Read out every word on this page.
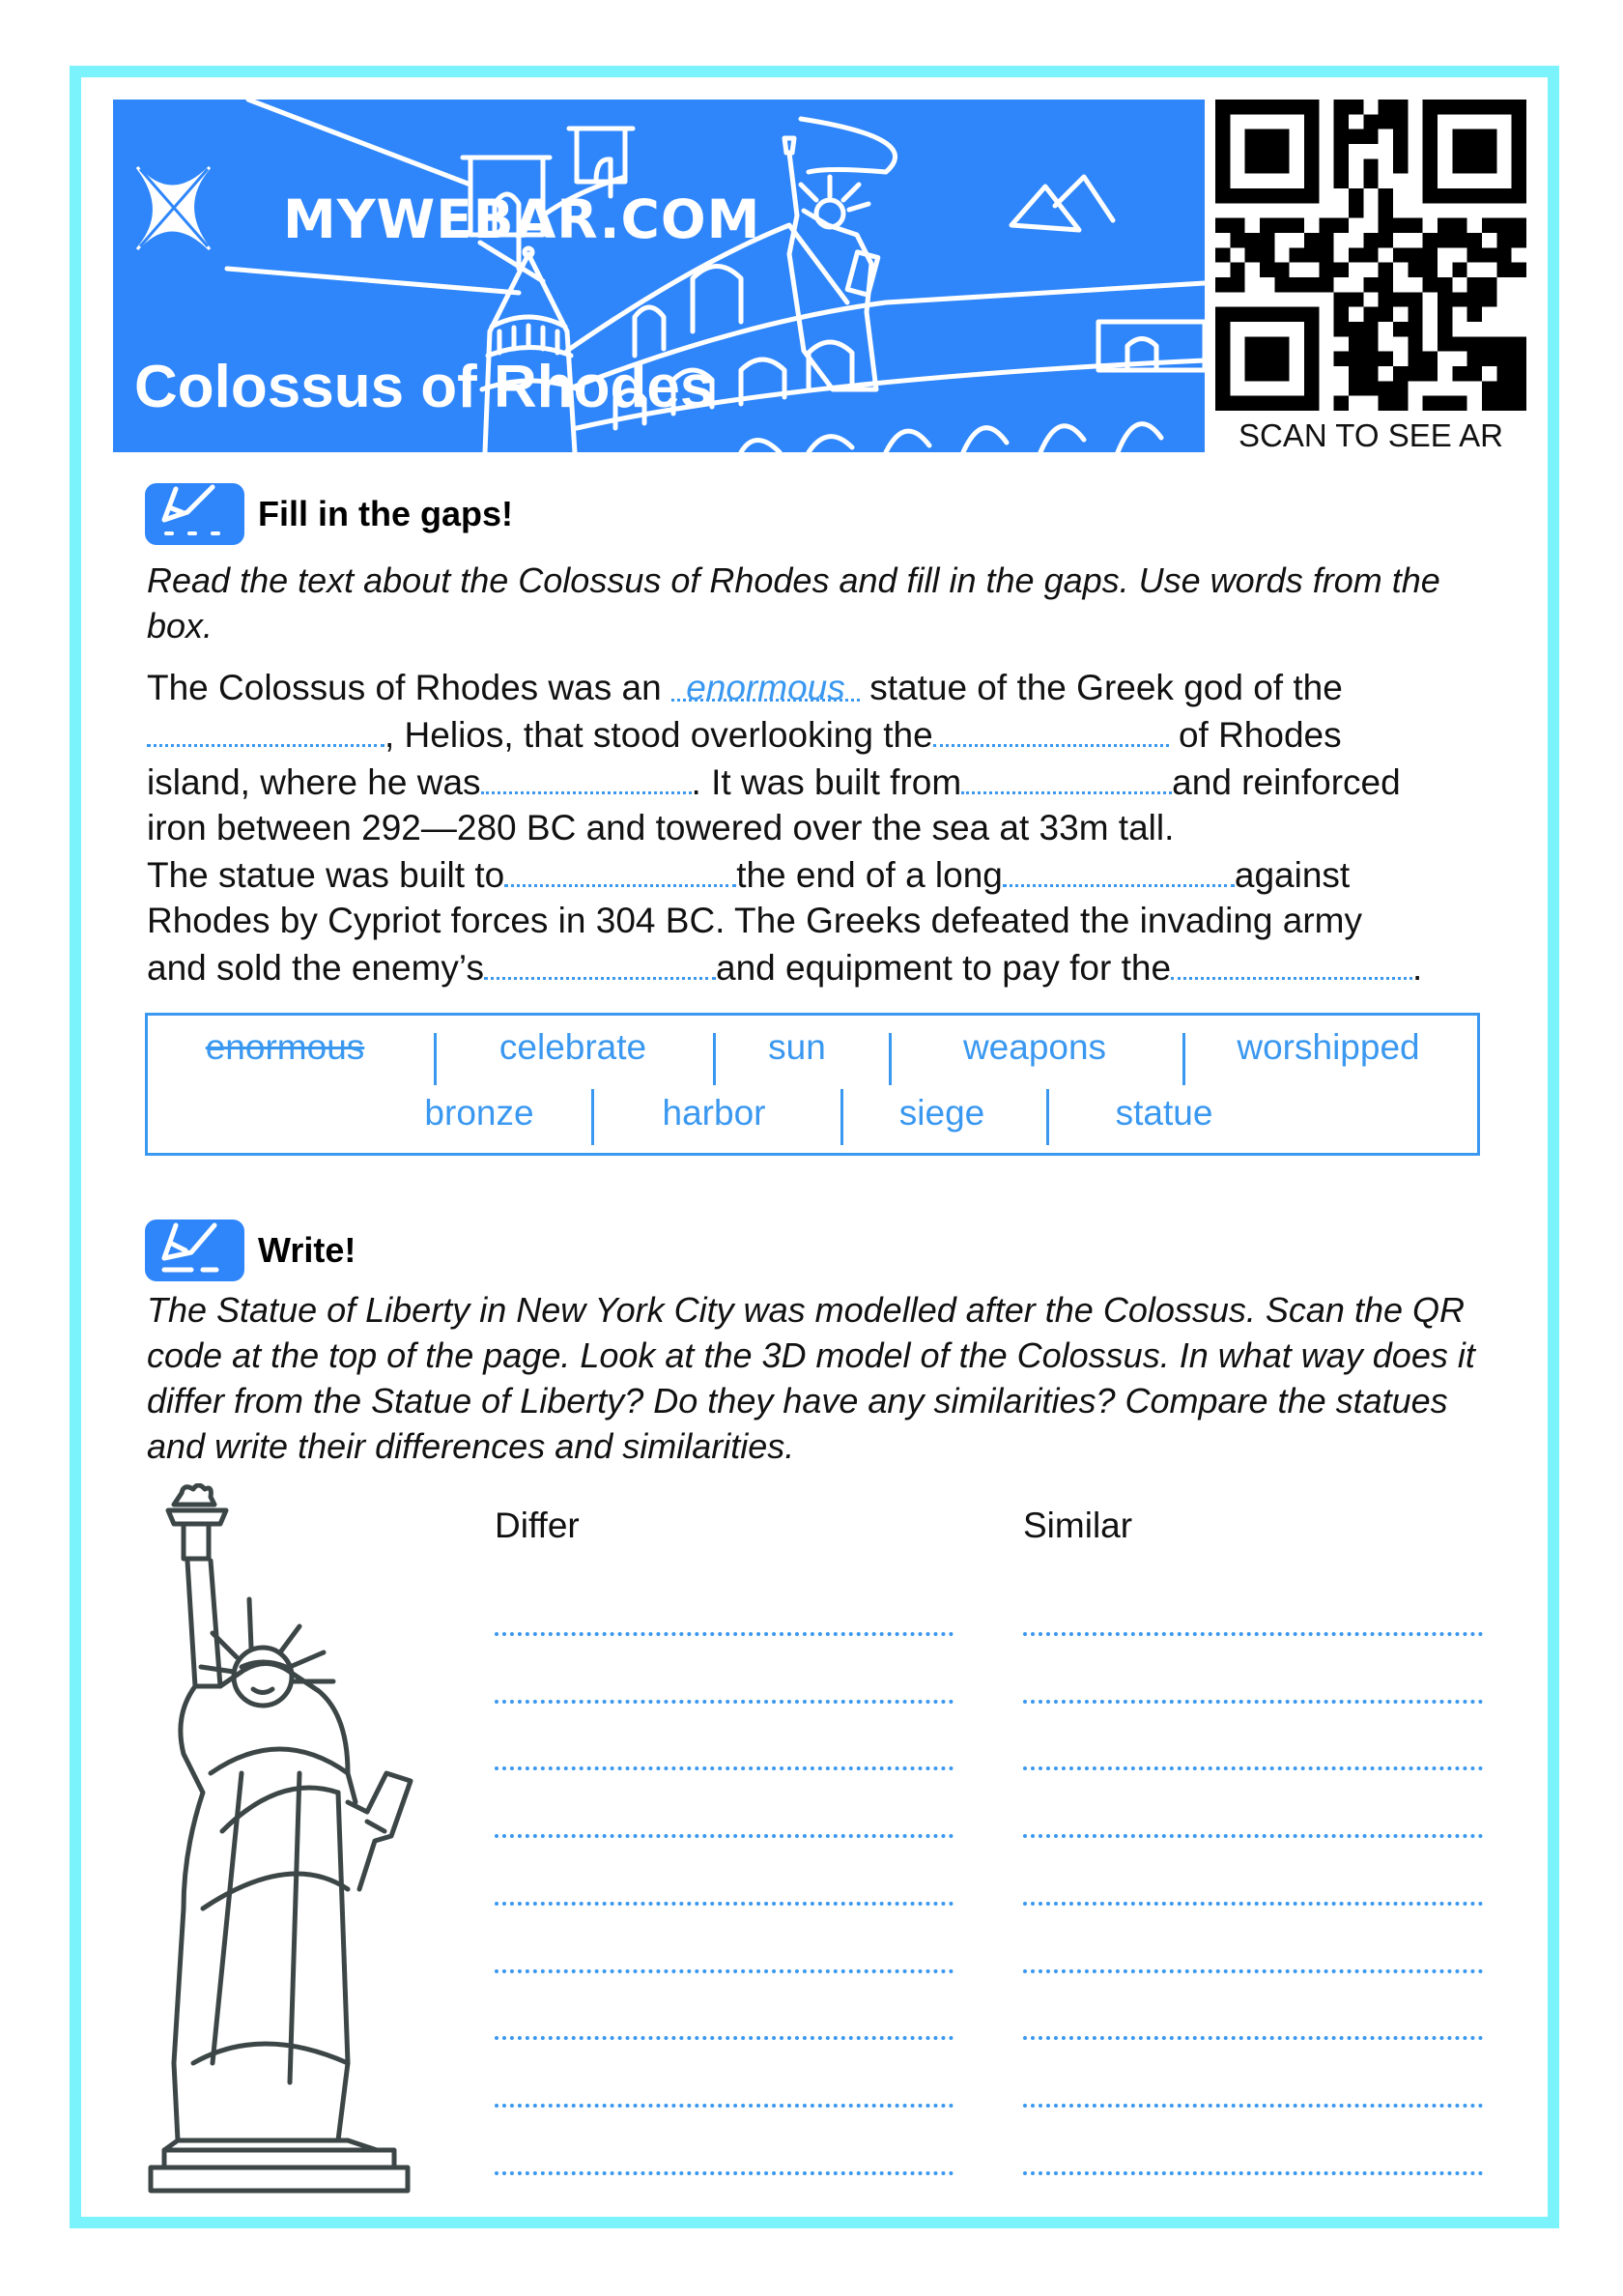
MYWEBAR.COM
Colossus of Rhodes
SCAN TO SEE AR
Fill in the gaps!
Read the text about the Colossus of Rhodes and fill in the gaps. Use words from the box.
The Colossus of Rhodes was an enormous statue of the Greek god of the
, Helios, that stood overlooking the	of Rhodes
island, where he was	. It was built from	and reinforced
iron between 292—280 BC and towered over the sea at 33m tall.
The statue was built to	the end of a long	against
Rhodes by Cypriot forces in 304 BC. The Greeks defeated the invading army
and sold the enemy’s	and equipment to pay for the	.
enormous	celebrate	sun	weapons	worshipped
bronze	harbor	siege	statue
Write!
The Statue of Liberty in New York City was modelled after the Colossus. Scan the QR code at the top of the page. Look at the 3D model of the Colossus. In what way does it differ from the Statue of Liberty? Do they have any similarities? Compare the statues and write their differences and similarities.
Differ	Similar
